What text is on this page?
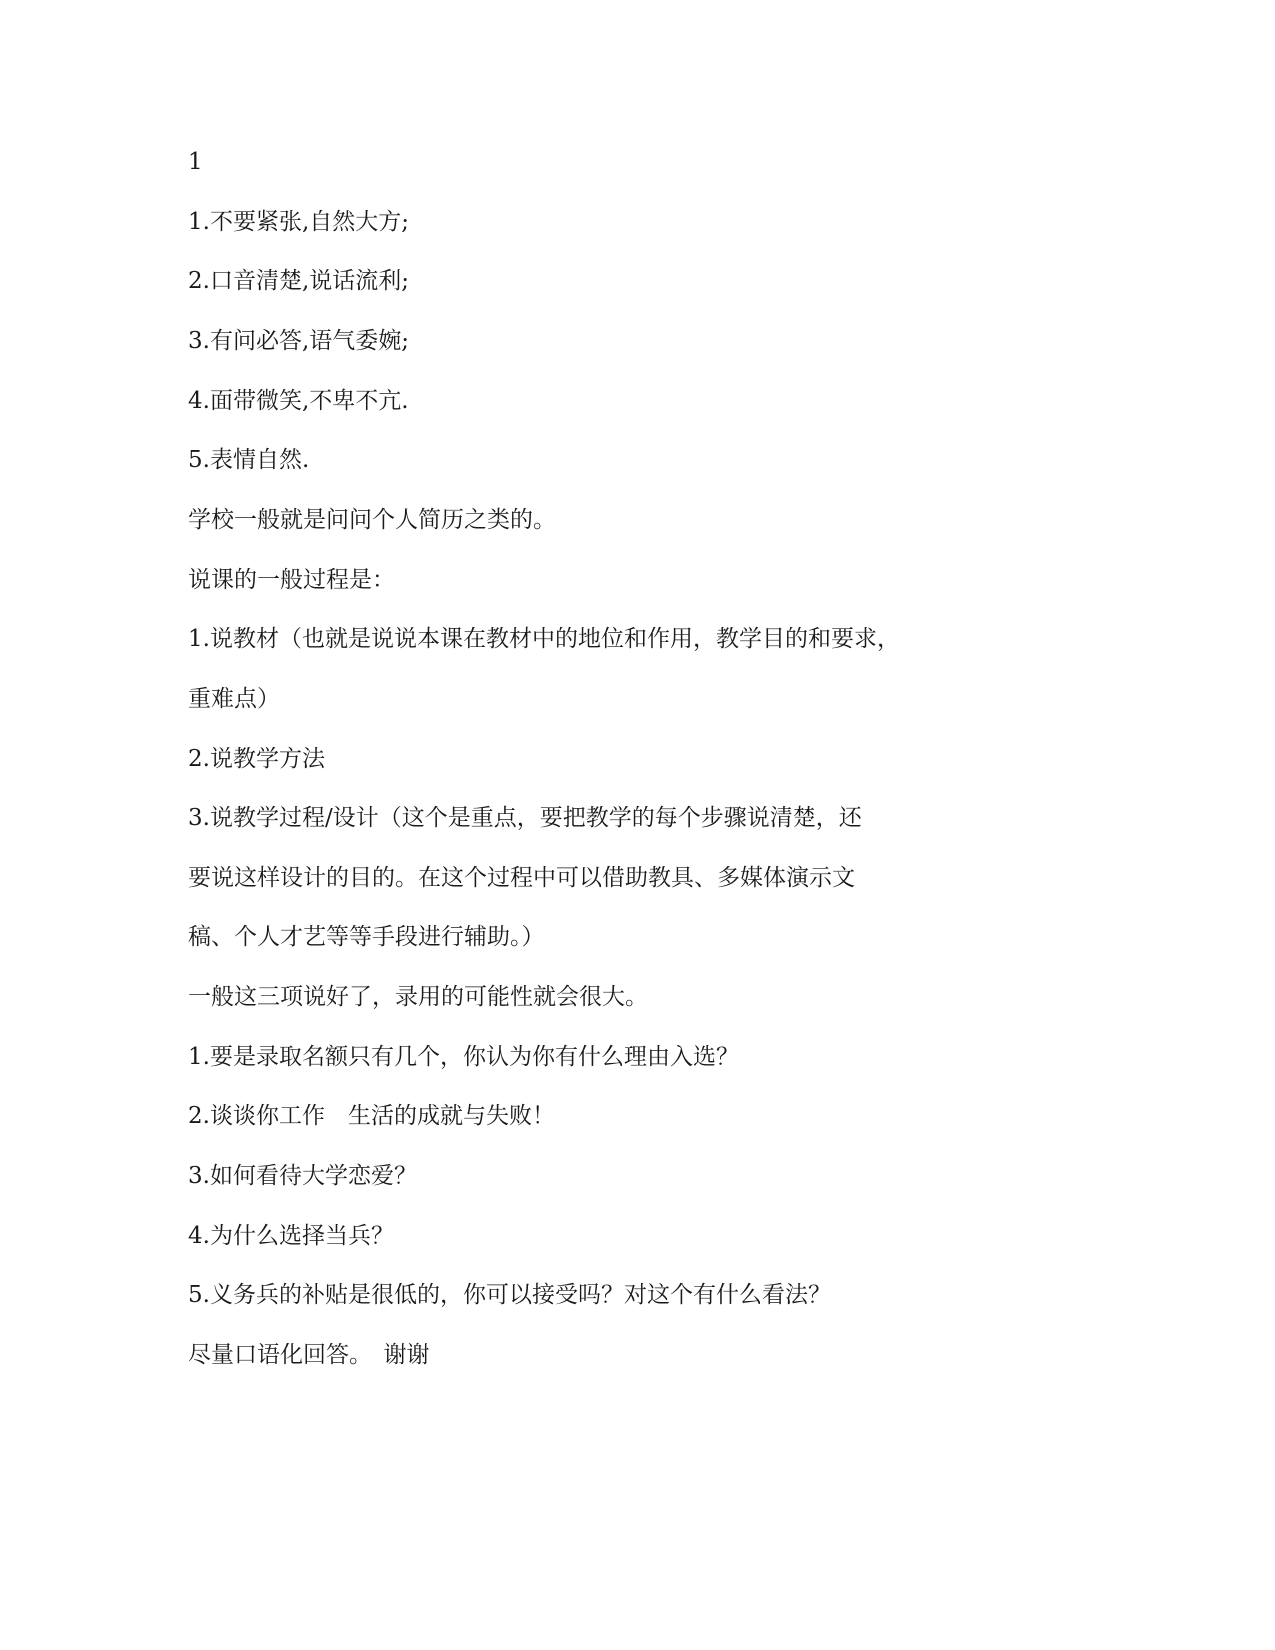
1

1.不要紧张,自然大方;

2.口音清楚,说话流利;

3.有问必答,语气委婉;

4.面带微笑,不卑不亢.

5.表情自然.

学校一般就是问问个人简历之类的。

说课的一般过程是：

1.说教材（也就是说说本课在教材中的地位和作用，教学目的和要求，

重难点）

2.说教学方法

3.说教学过程/设计（这个是重点，要把教学的每个步骤说清楚，还

要说这样设计的目的。在这个过程中可以借助教具、多媒体演示文

稿、个人才艺等等手段进行辅助。）

一般这三项说好了，录用的可能性就会很大。

1.要是录取名额只有几个，你认为你有什么理由入选？

2.谈谈你工作　生活的成就与失败！

3.如何看待大学恋爱？

4.为什么选择当兵？

5.义务兵的补贴是很低的，你可以接受吗？对这个有什么看法？

尽量口语化回答。　谢谢
